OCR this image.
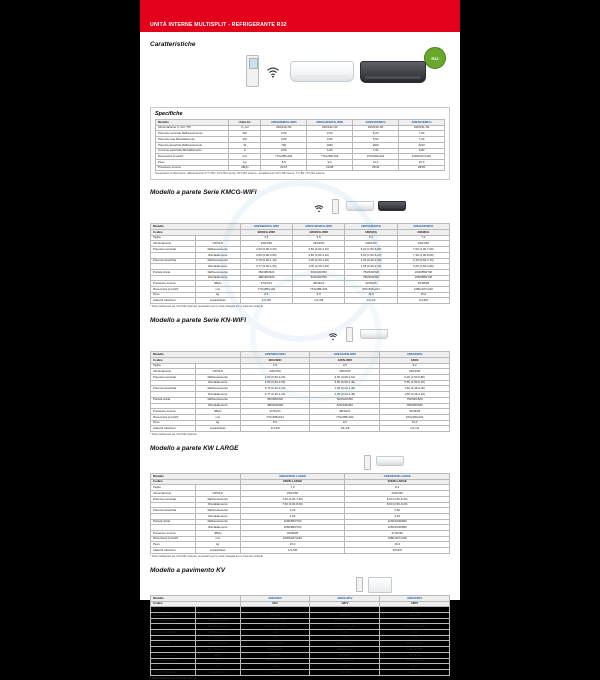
UNITÀ INTERNE MULTISPLIT - REFRIGERANTE R32
Caratteristiche
R32
Specifiche
Modello	Unità Int.	ARES9KMCG-WIFI	ARES12KMCG-WIFI	ARES18KMCG	ARES24KMCG
Alimentazione V / Hz / Ph	V~,Hz	220/240~50	220/240~50	220/240~50	220/240~50
Potenza nominale Raffrescamento	kW	2,60	3,50	5,20	7,00
Potenza resa Riscaldamento	kW	2,80	3,80	5,60	7,30
Potenza assorbita Raffrescamento	W	790	1090	1600	2190
Corrente assorbita Riscaldamento	A	3,60	4,90	7,30	9,80
Dimensioni (LxAxP)	mm	770x285x194	770x285x194	970x300x224	1080x327x240
Peso	kg	8,5	9,0	12,0	15,0
Pressione sonora	dB(A)	21/37	21/38	25/42	28/45
Temperature di riferimento: raffrescamento 27°C BS / 19°C BU interna, 35°C BS esterna - riscaldamento 20°C BS interna, 7°C BS / 6°C BU esterna
Modello a parete Serie KMCG-WIFI
Modello		ARES9KMCG-WIFI	ARES12KMCG-WIFI	ARES18KMCG	ARES24KMCG
Codice		9KMCG-WIFI	12KMCG-WIFI	18KMCG	24KMCG
Taglia		2,6	3,5	5,2	7,0
Alimentazione	V/Ph/Hz	230/1/50	230/1/50	230/1/50	230/1/50
Potenza nominale	Raffrescamento	2,60 (0,90-3,20)	3,50 (0,90-4,10)	5,20 (1,50-5,80)	7,00 (2,00-7,60)
	Riscaldamento	2,80 (0,90-3,60)	3,80 (0,90-4,40)	5,60 (1,50-6,20)	7,30 (2,00-8,00)
Potenza assorbita	Raffrescamento	0,79 (0,20-1,10)	1,09 (0,20-1,40)	1,60 (0,45-2,00)	2,19 (0,60-2,70)
	Riscaldamento	0,77 (0,20-1,20)	1,05 (0,20-1,45)	1,55 (0,45-2,10)	2,00 (0,60-2,80)
Portata d'aria	Raffrescamento	450/380/320	500/420/350	750/640/520	1000/850/700
	Riscaldamento	480/400/330	520/440/360	780/660/540	1050/880/720
Pressione sonora	dB(A)	37/31/21	38/32/21	42/36/25	45/38/28
Dimensioni (LxAxP)	mm	770x285x194	770x285x194	970x300x224	1080x327x240
Peso	kg	8,5	9,0	12,0	15,0
Attacchi tubazioni	Liquido/Gas	1/4-3/8	1/4-3/8	1/4-1/2	1/4-5/8
* Solo predisposto per il kit WiFi optional, necessario per le unità collegate ad un sistema multisplit
Modello a parete Serie KN-WIFI
Modello		ARES9KN-WIFI	ARES12KN-WIFI	ARES18KN
Codice		9KN-WIFI	12KN-WIFI	18KN
Taglia		2,6	3,5	5,2
Alimentazione	V/Ph/Hz	230/1/50	230/1/50	230/1/50
Potenza nominale	Raffrescamento	2,60 (0,90-3,20)	3,50 (0,90-4,10)	5,20 (1,50-5,80)
	Riscaldamento	2,80 (0,90-3,60)	3,80 (0,90-4,40)	5,60 (1,50-6,20)
Potenza assorbita	Raffrescamento	0,79 (0,20-1,10)	1,09 (0,20-1,40)	1,60 (0,45-2,00)
	Riscaldamento	0,77 (0,20-1,20)	1,05 (0,20-1,45)	1,55 (0,45-2,10)
Portata d'aria	Raffrescamento	450/380/320	500/420/350	750/640/520
	Riscaldamento	480/400/330	520/440/360	780/660/540
Pressione sonora	dB(A)	37/31/21	38/32/21	42/36/25
Dimensioni (LxAxP)	mm	770x285x194	770x285x194	970x300x224
Peso	kg	8,5	9,0	12,0
Attacchi tubazioni	Liquido/Gas	1/4-3/8	1/4-3/8	1/4-1/2
* Solo predisposto per il kit WiFi optional
Modello a parete KW LARGE
Modello		ARES24KW-LARGE	ARES30KW-LARGE
Codice		24KW-LARGE	30KW-LARGE
Taglia		7,0	8,2
Alimentazione	V/Ph/Hz	230/1/50	230/1/50
Potenza nominale	Raffrescamento	7,00 (2,00-7,60)	8,20 (2,50-9,00)
	Riscaldamento	7,30 (2,00-8,00)	8,60 (2,50-9,40)
Potenza assorbita	Raffrescamento	2,19	2,60
	Riscaldamento	2,00	2,45
Portata d'aria	Raffrescamento	1000/850/700	1200/1000/820
	Riscaldamento	1050/880/720	1250/1040/850
Pressione sonora	dB(A)	45/38/28	47/40/30
Dimensioni (LxAxP)	mm	1080x327x240	1080x327x240
Peso	kg	15,0	16,0
Attacchi tubazioni	Liquido/Gas	1/4-5/8	3/8-5/8
* Solo predisposto per il kit WiFi optional, necessario per le unità collegate ad un sistema multisplit
Modello a pavimento KV
Modello		ARES9KV	ARES12KV	ARES18KV
Codice		9KV	12KV	18KV
Taglia		2,7	3,5	5,2
Alimentazione	V/Ph/Hz	230/1/50	230/1/50	230/1/50
Potenza nominale	Raffrescamento	2,70 (0,90-3,20)	3,50 (0,90-4,10)	5,20 (1,50-5,80)
	Riscaldamento	2,90 (0,90-3,60)	3,80 (0,90-4,40)	5,60 (1,50-6,20)
Potenza assorbita	Raffrescamento	0,82	1,09	1,60
	Riscaldamento	0,80	1,05	1,55
Portata d'aria	Raffrescamento	500/420/350	560/470/390	800/680/560
	Riscaldamento	520/440/360	580/490/400	830/700/580
Pressione sonora	dB(A)	39/33/28	40/34/29	44/38/32
Dimensioni (LxAxP)	mm	600x700x210	600x700x210	600x700x210
Peso	kg	14,0	14,5	18,0
Attacchi tubazioni	Liquido/Gas	1/4-3/8	1/4-3/8	1/4-1/2
* Solo predisposto per il kit WiFi optional
